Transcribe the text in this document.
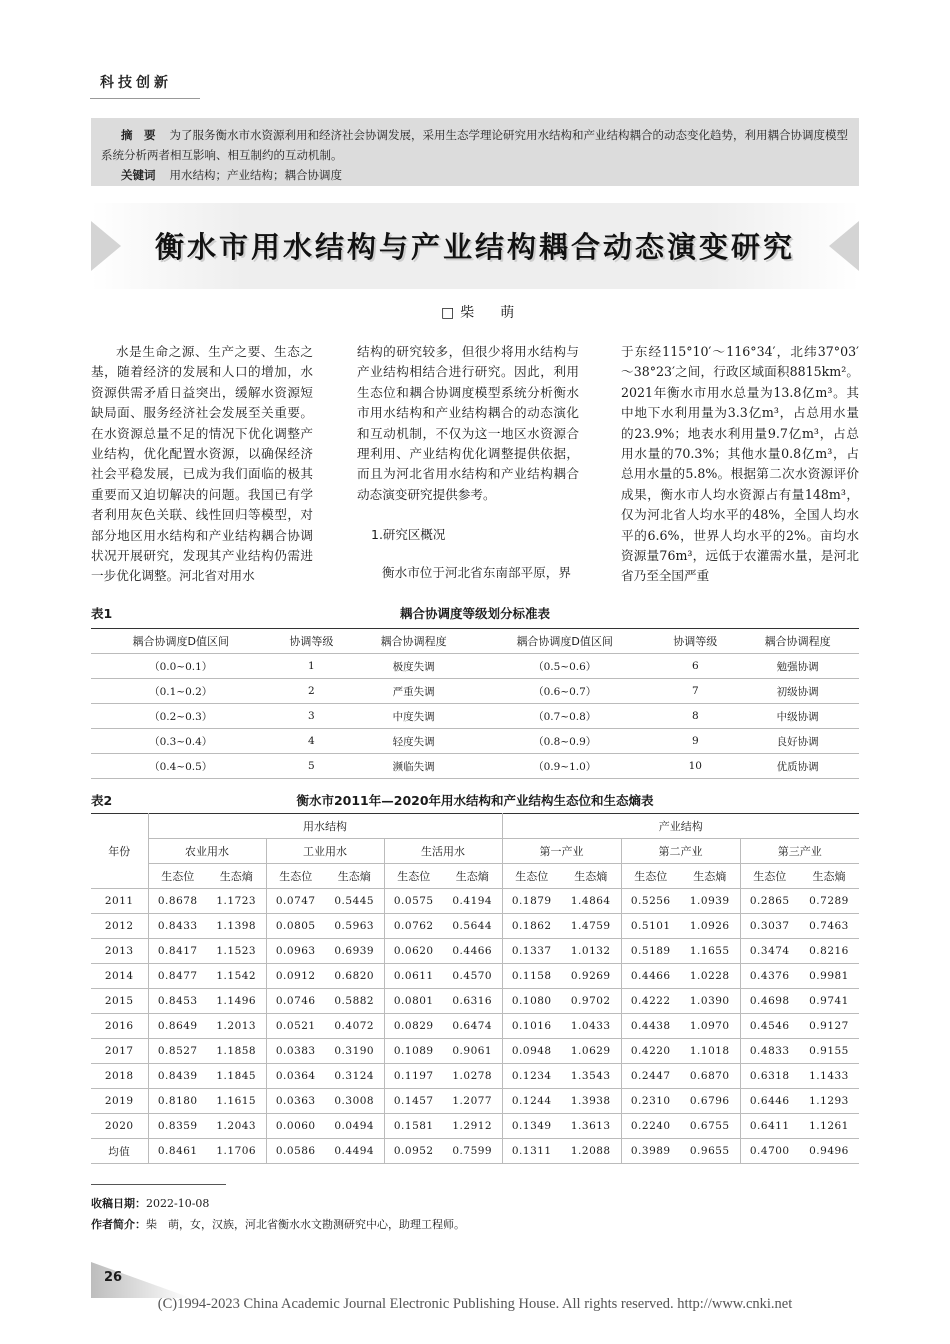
科技创新

摘　要 为了服务衡水市水资源利用和经济社会协调发展，采用生态学理论研究用水结构和产业结构耦合的动态变化趋势，利用耦合协调度模型系统分析两者相互影响、相互制约的互动机制。

关键词 用水结构；产业结构；耦合协调度

衡水市用水结构与产业结构耦合动态演变研究
□柴　萌

水是生命之源、生产之要、生态之基，随着经济的发展和人口的增加，水资源供需矛盾日益突出，缓解水资源短缺局面、服务经济社会发展至关重要。在水资源总量不足的情况下优化调整产业结构，优化配置水资源，以确保经济社会平稳发展，已成为我们面临的极其重要而又迫切解决的问题。我国已有学者利用灰色关联、线性回归等模型，对部分地区用水结构和产业结构耦合协调状况开展研究，发现其产业结构仍需进一步优化调整。河北省对用水

结构的研究较多，但很少将用水结构与产业结构相结合进行研究。因此，利用生态位和耦合协调度模型系统分析衡水市用水结构和产业结构耦合的动态演化和互动机制，不仅为这一地区水资源合理利用、产业结构优化调整提供依据，而且为河北省用水结构和产业结构耦合动态演变研究提供参考。

1.研究区概况

衡水市位于河北省东南部平原，界

于东经115°10′～116°34′，北纬37°03′～38°23′之间，行政区域面积8815km²。2021年衡水市用水总量为13.8亿m³。其中地下水利用量为3.3亿m³，占总用水量的23.9%；地表水利用量9.7亿m³，占总用水量的70.3%；其他水量0.8亿m³，占总用水量的5.8%。根据第二次水资源评价成果，衡水市人均水资源占有量148m³，仅为河北省人均水平的48%，全国人均水平的6.6%，世界人均水平的2%。亩均水资源量76m³，远低于农灌需水量，是河北省乃至全国严重

表1	耦合协调度等级划分标准表
耦合协调度D值区间	协调等级	耦合协调程度	耦合协调度D值区间	协调等级	耦合协调程度
（0.0~0.1）	1	极度失调	（0.5~0.6）	6	勉强协调
（0.1~0.2）	2	严重失调	（0.6~0.7）	7	初级协调
（0.2~0.3）	3	中度失调	（0.7~0.8）	8	中级协调
（0.3~0.4）	4	轻度失调	（0.8~0.9）	9	良好协调
（0.4~0.5）	5	濒临失调	（0.9~1.0）	10	优质协调
表2	衡水市2011年—2020年用水结构和产业结构生态位和生态熵表
年份	用水结构						产业结构					
	农业用水		工业用水		生活用水		第一产业		第二产业		第三产业	
	生态位	生态熵	生态位	生态熵	生态位	生态熵	生态位	生态熵	生态位	生态熵	生态位	生态熵
2011	0.8678	1.1723	0.0747	0.5445	0.0575	0.4194	0.1879	1.4864	0.5256	1.0939	0.2865	0.7289
2012	0.8433	1.1398	0.0805	0.5963	0.0762	0.5644	0.1862	1.4759	0.5101	1.0926	0.3037	0.7463
2013	0.8417	1.1523	0.0963	0.6939	0.0620	0.4466	0.1337	1.0132	0.5189	1.1655	0.3474	0.8216
2014	0.8477	1.1542	0.0912	0.6820	0.0611	0.4570	0.1158	0.9269	0.4466	1.0228	0.4376	0.9981
2015	0.8453	1.1496	0.0746	0.5882	0.0801	0.6316	0.1080	0.9702	0.4222	1.0390	0.4698	0.9741
2016	0.8649	1.2013	0.0521	0.4072	0.0829	0.6474	0.1016	1.0433	0.4438	1.0970	0.4546	0.9127
2017	0.8527	1.1858	0.0383	0.3190	0.1089	0.9061	0.0948	1.0629	0.4220	1.1018	0.4833	0.9155
2018	0.8439	1.1845	0.0364	0.3124	0.1197	1.0278	0.1234	1.3543	0.2447	0.6870	0.6318	1.1433
2019	0.8180	1.1615	0.0363	0.3008	0.1457	1.2077	0.1244	1.3938	0.2310	0.6796	0.6446	1.1293
2020	0.8359	1.2043	0.0060	0.0494	0.1581	1.2912	0.1349	1.3613	0.2240	0.6755	0.6411	1.1261
均值	0.8461	1.1706	0.0586	0.4494	0.0952	0.7599	0.1311	1.2088	0.3989	0.9655	0.4700	0.9496
收稿日期：2022-10-08
作者简介：柴　萌，女，汉族，河北省衡水水文勘测研究中心，助理工程师。
26
(C)1994-2023 China Academic Journal Electronic Publishing House. All rights reserved. http://www.cnki.net
